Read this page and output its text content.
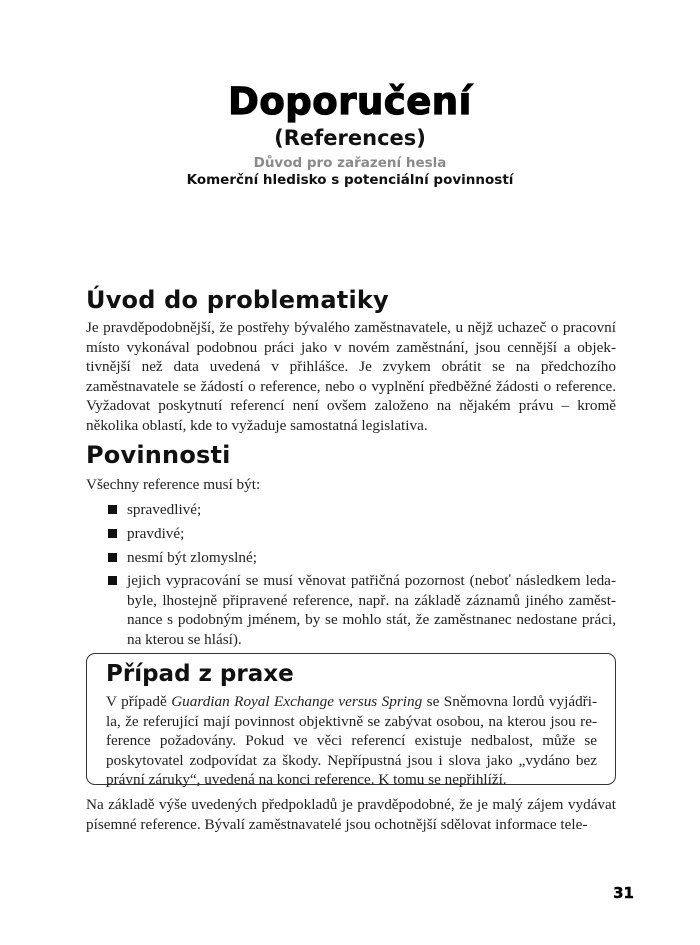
Doporučení
(References)
Důvod pro zařazení hesla
Komerční hledisko s potenciální povinností
Úvod do problematiky

Je pravděpodobnější, že postřehy bývalého zaměstnavatele, u nějž uchazeč o pracovní místo vykonával podobnou práci jako v novém zaměstnání, jsou cennější a objektivnější než data uvedená v přihlášce. Je zvykem obrátit se na předchozího zaměstnavatele se žádostí o reference, nebo o vyplnění předběžné žádosti o reference. Vyžadovat poskytnutí referencí není ovšem založeno na nějakém právu – kromě několika oblastí, kde to vyžaduje samostatná legislativa.

Povinnosti

Všechny reference musí být:

spravedlivé;
pravdivé;
nesmí být zlomyslné;
jejich vypracování se musí věnovat patřičná pozornost (neboť následkem ledabyle, lhostejně připravené reference, např. na základě záznamů jiného zaměstnance s podobným jménem, by se mohlo stát, že zaměstnanec nedostane práci, na kterou se hlásí).
Případ z praxe

V případě Guardian Royal Exchange versus Spring se Sněmovna lordů vyjádřila, že referující mají povinnost objektivně se zabývat osobou, na kterou jsou reference požadovány. Pokud ve věci referencí existuje nedbalost, může se poskytovatel zodpovídat za škody. Nepřípustná jsou i slova jako „vydáno bez právní záruky“, uvedená na konci reference. K tomu se nepřihlíží.

Na základě výše uvedených předpokladů je pravděpodobné, že je malý zájem vydávat písemné reference. Bývalí zaměstnavatelé jsou ochotnější sdělovat informace tele-

31
